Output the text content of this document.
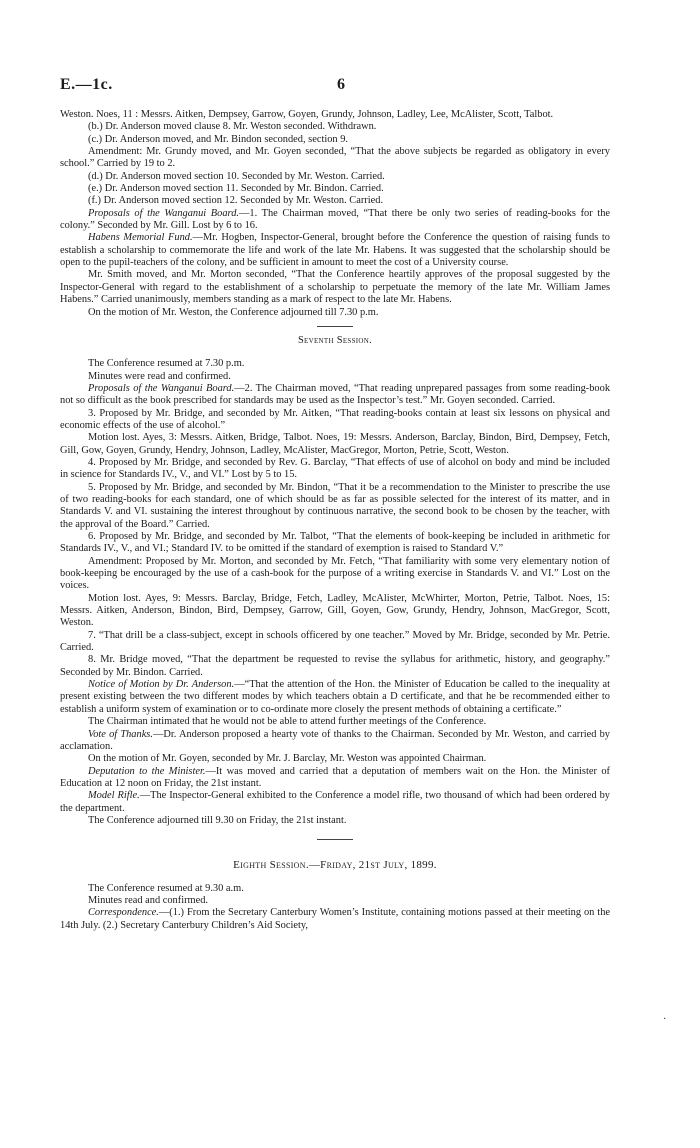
E.—1c.	6

Weston. Noes, 11 : Messrs. Aitken, Dempsey, Garrow, Goyen, Grundy, Johnson, Ladley, Lee, McAlister, Scott, Talbot.

(b.) Dr. Anderson moved clause 8. Mr. Weston seconded. Withdrawn.

(c.) Dr. Anderson moved, and Mr. Bindon seconded, section 9.

Amendment: Mr. Grundy moved, and Mr. Goyen seconded, “That the above subjects be regarded as obligatory in every school.” Carried by 19 to 2.

(d.) Dr. Anderson moved section 10. Seconded by Mr. Weston. Carried.

(e.) Dr. Anderson moved section 11. Seconded by Mr. Bindon. Carried.

(f.) Dr. Anderson moved section 12. Seconded by Mr. Weston. Carried.

Proposals of the Wanganui Board.—1. The Chairman moved, “That there be only two series of reading-books for the colony.” Seconded by Mr. Gill. Lost by 6 to 16.

Habens Memorial Fund.—Mr. Hogben, Inspector-General, brought before the Conference the question of raising funds to establish a scholarship to commemorate the life and work of the late Mr. Habens. It was suggested that the scholarship should be open to the pupil-teachers of the colony, and be sufficient in amount to meet the cost of a University course.

Mr. Smith moved, and Mr. Morton seconded, “That the Conference heartily approves of the proposal suggested by the Inspector-General with regard to the establishment of a scholarship to perpetuate the memory of the late Mr. William James Habens.” Carried unanimously, members standing as a mark of respect to the late Mr. Habens.

On the motion of Mr. Weston, the Conference adjourned till 7.30 p.m.

Seventh Session.

The Conference resumed at 7.30 p.m.

Minutes were read and confirmed.

Proposals of the Wanganui Board.—2. The Chairman moved, “That reading unprepared passages from some reading-book not so difficult as the book prescribed for standards may be used as the Inspector’s test.” Mr. Goyen seconded. Carried.

3. Proposed by Mr. Bridge, and seconded by Mr. Aitken, “That reading-books contain at least six lessons on physical and economic effects of the use of alcohol.”

Motion lost. Ayes, 3: Messrs. Aitken, Bridge, Talbot. Noes, 19: Messrs. Anderson, Barclay, Bindon, Bird, Dempsey, Fetch, Gill, Gow, Goyen, Grundy, Hendry, Johnson, Ladley, McAlister, MacGregor, Morton, Petrie, Scott, Weston.

4. Proposed by Mr. Bridge, and seconded by Rev. G. Barclay, “That effects of use of alcohol on body and mind be included in science for Standards IV., V., and VI.” Lost by 5 to 15.

5. Proposed by Mr. Bridge, and seconded by Mr. Bindon, “That it be a recommendation to the Minister to prescribe the use of two reading-books for each standard, one of which should be as far as possible selected for the interest of its matter, and in Standards V. and VI. sustaining the interest throughout by continuous narrative, the second book to be chosen by the teacher, with the approval of the Board.” Carried.

6. Proposed by Mr. Bridge, and seconded by Mr. Talbot, “That the elements of book-keeping be included in arithmetic for Standards IV., V., and VI.; Standard IV. to be omitted if the standard of exemption is raised to Standard V.”

Amendment: Proposed by Mr. Morton, and seconded by Mr. Fetch, “That familiarity with some very elementary notion of book-keeping be encouraged by the use of a cash-book for the purpose of a writing exercise in Standards V. and VI.” Lost on the voices.

Motion lost. Ayes, 9: Messrs. Barclay, Bridge, Fetch, Ladley, McAlister, McWhirter, Morton, Petrie, Talbot. Noes, 15: Messrs. Aitken, Anderson, Bindon, Bird, Dempsey, Garrow, Gill, Goyen, Gow, Grundy, Hendry, Johnson, MacGregor, Scott, Weston.

7. “That drill be a class-subject, except in schools officered by one teacher.” Moved by Mr. Bridge, seconded by Mr. Petrie. Carried.

8. Mr. Bridge moved, “That the department be requested to revise the syllabus for arithmetic, history, and geography.” Seconded by Mr. Bindon. Carried.

Notice of Motion by Dr. Anderson.—“That the attention of the Hon. the Minister of Education be called to the inequality at present existing between the two different modes by which teachers obtain a D certificate, and that he be recommended either to establish a uniform system of examination or to co-ordinate more closely the present methods of obtaining a certificate.”

The Chairman intimated that he would not be able to attend further meetings of the Conference.

Vote of Thanks.—Dr. Anderson proposed a hearty vote of thanks to the Chairman. Seconded by Mr. Weston, and carried by acclamation.

On the motion of Mr. Goyen, seconded by Mr. J. Barclay, Mr. Weston was appointed Chairman.

Deputation to the Minister.—It was moved and carried that a deputation of members wait on the Hon. the Minister of Education at 12 noon on Friday, the 21st instant.

Model Rifle.—The Inspector-General exhibited to the Conference a model rifle, two thousand of which had been ordered by the department.

The Conference adjourned till 9.30 on Friday, the 21st instant.

Eighth Session.—Friday, 21st July, 1899.

The Conference resumed at 9.30 a.m.

Minutes read and confirmed.

Correspondence.—(1.) From the Secretary Canterbury Women’s Institute, containing motions passed at their meeting on the 14th July. (2.) Secretary Canterbury Children’s Aid Society,

·
